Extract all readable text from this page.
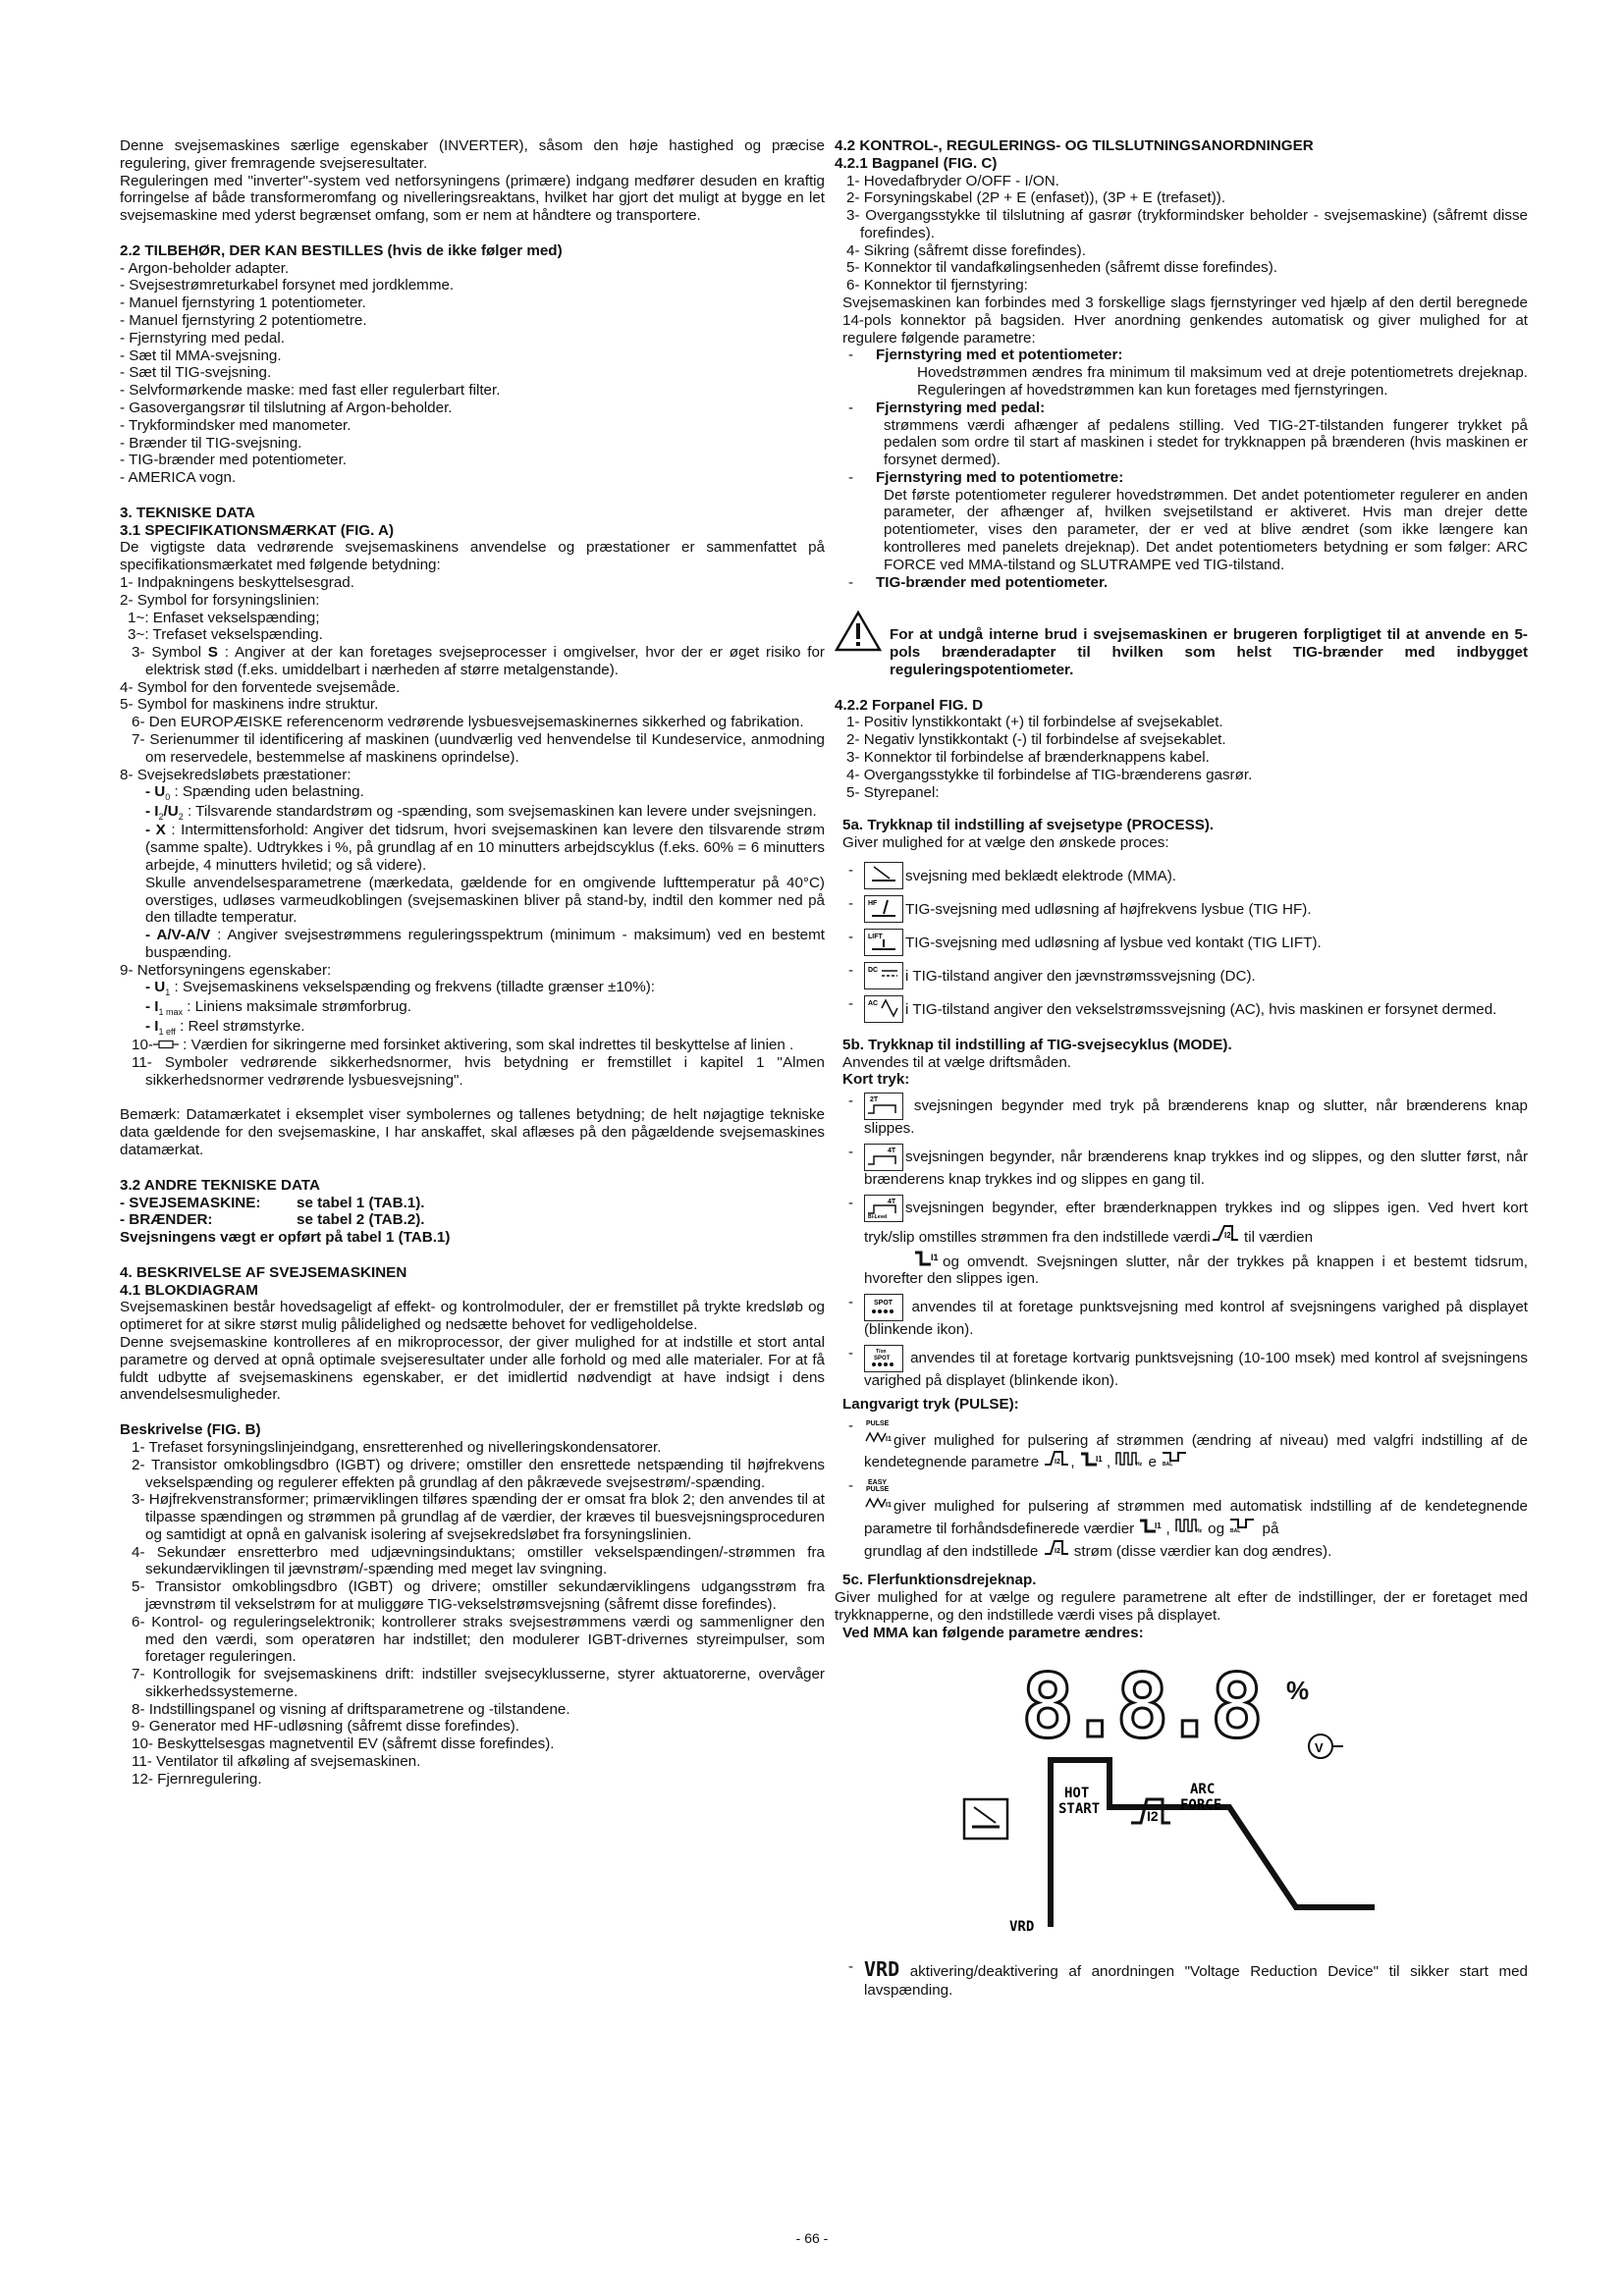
Denne svejsemaskines særlige egenskaber (INVERTER), såsom den høje hastighed og præcise regulering, giver fremragende svejseresultater.

Reguleringen med "inverter"-system ved netforsyningens (primære) indgang medfører desuden en kraftig forringelse af både transformeromfang og nivelleringsreaktans, hvilket har gjort det muligt at bygge en let svejsemaskine med yderst begrænset omfang, som er nem at håndtere og transportere.

2.2 TILBEHØR, DER KAN BESTILLES (hvis de ikke følger med)

- Argon-beholder adapter.

- Svejsestrømreturkabel forsynet med jordklemme.

- Manuel fjernstyring 1 potentiometer.

- Manuel fjernstyring 2 potentiometre.

- Fjernstyring med pedal.

- Sæt til MMA-svejsning.

- Sæt til TIG-svejsning.

- Selvformørkende maske: med fast eller regulerbart filter.

- Gasovergangsrør til tilslutning af Argon-beholder.

- Trykformindsker med manometer.

- Brænder til TIG-svejsning.

- TIG-brænder med potentiometer.

- AMERICA vogn.

3. TEKNISKE DATA

3.1 SPECIFIKATIONSMÆRKAT (FIG. A)

De vigtigste data vedrørende svejsemaskinens anvendelse og præstationer er sammenfattet på specifikationsmærkatet med følgende betydning:

1- Indpakningens beskyttelsesgrad.

2- Symbol for forsyningslinien:

1~: Enfaset vekselspænding;

3~: Trefaset vekselspænding.

3- Symbol S : Angiver at der kan foretages svejseprocesser i omgivelser, hvor der er øget risiko for elektrisk stød (f.eks. umiddelbart i nærheden af større metalgenstande).

4- Symbol for den forventede svejsemåde.

5- Symbol for maskinens indre struktur.

6- Den EUROPÆISKE referencenorm vedrørende lysbuesvejsemaskinernes sikkerhed og fabrikation.

7- Serienummer til identificering af maskinen (uundværlig ved henvendelse til Kundeservice, anmodning om reservedele, bestemmelse af maskinens oprindelse).

8- Svejsekredsløbets præstationer:

- $U_0$ : Spænding uden belastning.

- $I_2/U_2$ : Tilsvarende standardstrøm og -spænding, som svejsemaskinen kan levere under svejsningen.

- X : Intermittensforhold: Angiver det tidsrum, hvori svejsemaskinen kan levere den tilsvarende strøm (samme spalte). Udtrykkes i %, på grundlag af en 10 minutters arbejdscyklus (f.eks. 60% = 6 minutters arbejde, 4 minutters hviletid; og så videre).

Skulle anvendelsesparametrene (mærkedata, gældende for en omgivende lufttemperatur på 40°C) overstiges, udløses varmeudkoblingen (svejsemaskinen bliver på stand-by, indtil den kommer ned på den tilladte temperatur.

- A/V-A/V : Angiver svejsestrømmens reguleringsspektrum (minimum - maksimum) ved en bestemt buspænding.

9- Netforsyningens egenskaber:

- $U_1$ : Svejsemaskinens vekselspænding og frekvens (tilladte grænser ±10%):

- $I_{1 max}$ : Liniens maksimale strømforbrug.

- $I_{1 eff}$ : Reel strømstyrke.

10- : Værdien for sikringerne med forsinket aktivering, som skal indrettes til beskyttelse af linien .

11- Symboler vedrørende sikkerhedsnormer, hvis betydning er fremstillet i kapitel 1 "Almen sikkerhedsnormer vedrørende lysbuesvejsning".

Bemærk: Datamærkatet i eksemplet viser symbolernes og tallenes betydning; de helt nøjagtige tekniske data gældende for den svejsemaskine, I har anskaffet, skal aflæses på den pågældende svejsemaskines datamærkat.

3.2 ANDRE TEKNISKE DATA

- SVEJSEMASKINE: se tabel 1 (TAB.1).

- BRÆNDER:	se tabel 2 (TAB.2).

Svejsningens vægt er opført på tabel 1 (TAB.1)

4. BESKRIVELSE AF SVEJSEMASKINEN

4.1 BLOKDIAGRAM

Svejsemaskinen består hovedsageligt af effekt- og kontrolmoduler, der er fremstillet på trykte kredsløb og optimeret for at sikre størst mulig pålidelighed og nedsætte behovet for vedligeholdelse.

Denne svejsemaskine kontrolleres af en mikroprocessor, der giver mulighed for at indstille et stort antal parametre og derved at opnå optimale svejseresultater under alle forhold og med alle materialer. For at få fuldt udbytte af svejsemaskinens egenskaber, er det imidlertid nødvendigt at have indsigt i dens anvendelsesmuligheder.

Beskrivelse (FIG. B)

1- Trefaset forsyningslinjeindgang, ensretterenhed og nivelleringskondensatorer.

2- Transistor omkoblingsdbro (IGBT) og drivere; omstiller den ensrettede netspænding til højfrekvens vekselspænding og regulerer effekten på grundlag af den påkrævede svejsestrøm/-spænding.

3- Højfrekvenstransformer; primærviklingen tilføres spænding der er omsat fra blok 2; den anvendes til at tilpasse spændingen og strømmen på grundlag af de værdier, der kræves til buesvejsningsproceduren og samtidigt at opnå en galvanisk isolering af svejsekredsløbet fra forsyningslinien.

4- Sekundær ensretterbro med udjævningsinduktans; omstiller vekselspændingen/-strømmen fra sekundærviklingen til jævnstrøm/-spænding med meget lav svingning.

5- Transistor omkoblingsdbro (IGBT) og drivere; omstiller sekundærviklingens udgangsstrøm fra jævnstrøm til vekselstrøm for at muliggøre TIG-vekselstrømsvejsning (såfremt disse forefindes).

6- Kontrol- og reguleringselektronik; kontrollerer straks svejsestrømmens værdi og sammenligner den med den værdi, som operatøren har indstillet; den modulerer IGBT-drivernes styreimpulser, som foretager reguleringen.

7- Kontrollogik for svejsemaskinens drift: indstiller svejsecyklusserne, styrer aktuatorerne, overvåger sikkerhedssystemerne.

8- Indstillingspanel og visning af driftsparametrene og -tilstandene.

9- Generator med HF-udløsning (såfremt disse forefindes).

10- Beskyttelsesgas magnetventil EV (såfremt disse forefindes).

11- Ventilator til afkøling af svejsemaskinen.

12- Fjernregulering.

4.2 KONTROL-, REGULERINGS- OG TILSLUTNINGSANORDNINGER

4.2.1 Bagpanel (FIG. C)

1- Hovedafbryder O/OFF - I/ON.

2- Forsyningskabel (2P + E (enfaset)), (3P + E (trefaset)).

3- Overgangsstykke til tilslutning af gasrør (trykformindsker beholder - svejsemaskine) (såfremt disse forefindes).

4- Sikring (såfremt disse forefindes).

5- Konnektor til vandafkølingsenheden (såfremt disse forefindes).

6- Konnektor til fjernstyring:

Svejsemaskinen kan forbindes med 3 forskellige slags fjernstyringer ved hjælp af den dertil beregnede 14-pols konnektor på bagsiden. Hver anordning genkendes automatisk og giver mulighed for at regulere følgende parametre:

- Fjernstyring med et potentiometer:

Hovedstrømmen ændres fra minimum til maksimum ved at dreje potentiometrets drejeknap. Reguleringen af hovedstrømmen kan kun foretages med fjernstyringen.

- Fjernstyring med pedal:

strømmens værdi afhænger af pedalens stilling. Ved TIG-2T-tilstanden fungerer trykket på pedalen som ordre til start af maskinen i stedet for trykknappen på brænderen (hvis maskinen er forsynet dermed).

- Fjernstyring med to potentiometre:

Det første potentiometer regulerer hovedstrømmen. Det andet potentiometer regulerer en anden parameter, der afhænger af, hvilken svejsetilstand er aktiveret. Hvis man drejer dette potentiometer, vises den parameter, der er ved at blive ændret (som ikke længere kan kontrolleres med panelets drejeknap). Det andet potentiometers betydning er som følger: ARC FORCE ved MMA-tilstand og SLUTRAMPE ved TIG-tilstand.

- TIG-brænder med potentiometer.

For at undgå interne brud i svejsemaskinen er brugeren forpligtiget til at anvende en 5-pols brænderadapter til hvilken som helst TIG-brænder med indbygget reguleringspotentiometer.

4.2.2 Forpanel FIG. D

1- Positiv lynstikkontakt (+) til forbindelse af svejsekablet.

2- Negativ lynstikkontakt (-) til forbindelse af svejsekablet.

3- Konnektor til forbindelse af brænderknappens kabel.

4- Overgangsstykke til forbindelse af TIG-brænderens gasrør.

5- Styrepanel:

5a. Trykknap til indstilling af svejsetype (PROCESS).

Giver mulighed for at vælge den ønskede proces:

-	svejsning med beklædt elektrode (MMA).

-	HF TIG-svejsning med udløsning af højfrekvens lysbue (TIG HF).

-	LIFT TIG-svejsning med udløsning af lysbue ved kontakt (TIG LIFT).

-	DC i TIG-tilstand angiver den jævnstrømssvejsning (DC).

-	AC i TIG-tilstand angiver den vekselstrømssvejsning (AC), hvis maskinen er forsynet dermed.

5b. Trykknap til indstilling af TIG-svejsecyklus (MODE).

Anvendes til at vælge driftsmåden.

Kort tryk:

-	2T svejsningen begynder med tryk på brænderens knap og slutter, når brænderens knap slippes.

-	4T svejsningen begynder, når brænderens knap trykkes ind og slippes, og den slutter først, når brænderens knap trykkes ind og slippes en gang til.

-	4T
Bi-Level
svejsningen begynder, efter brænderknappen trykkes ind og slippes igen. Ved hvert kort tryk/slip omstilles strømmen fra den indstillede værdi I2 til værdien

I1 og omvendt. Svejsningen slutter, når der trykkes på knappen i et bestemt tidsrum, hvorefter den slippes igen.

-	SPOT anvendes til at foretage punktsvejsning med kontrol af svejsningens varighed på displayet (blinkende ikon).

-	T/on
SPOT anvendes til at foretage kortvarig punktsvejsning (10-100 msek) med kontrol af svejsningens varighed på displayet (blinkende ikon).

Langvarigt tryk (PULSE):

-	PULSE
I1 giver mulighed for pulsering af strømmen (ændring af niveau) med valgfri indstilling af de kendetegnende parametre I2 , I1 ,	Hz e BAL

-	EASY
PULSE
I1 giver mulighed for pulsering af strømmen med automatisk indstilling af de kendetegnende parametre til forhåndsdefinerede værdier	I1 ,	Hz og BAL på
grundlag af den indstillede I2 strøm (disse værdier kan dog ændres).

5c. Flerfunktionsdrejeknap.

Giver mulighed for at vælge og regulere parametrene alt efter de indstillinger, der er foretaget med trykknapperne, og den indstillede værdi vises på displayet.

Ved MMA kan følgende parametre ændres:

8.8.8 %
V
HOT
START	I2
ARC
FORCE
VRD
- VRD aktivering/deaktivering af anordningen "Voltage Reduction Device" til sikker start med lavspænding.

- 66 -
